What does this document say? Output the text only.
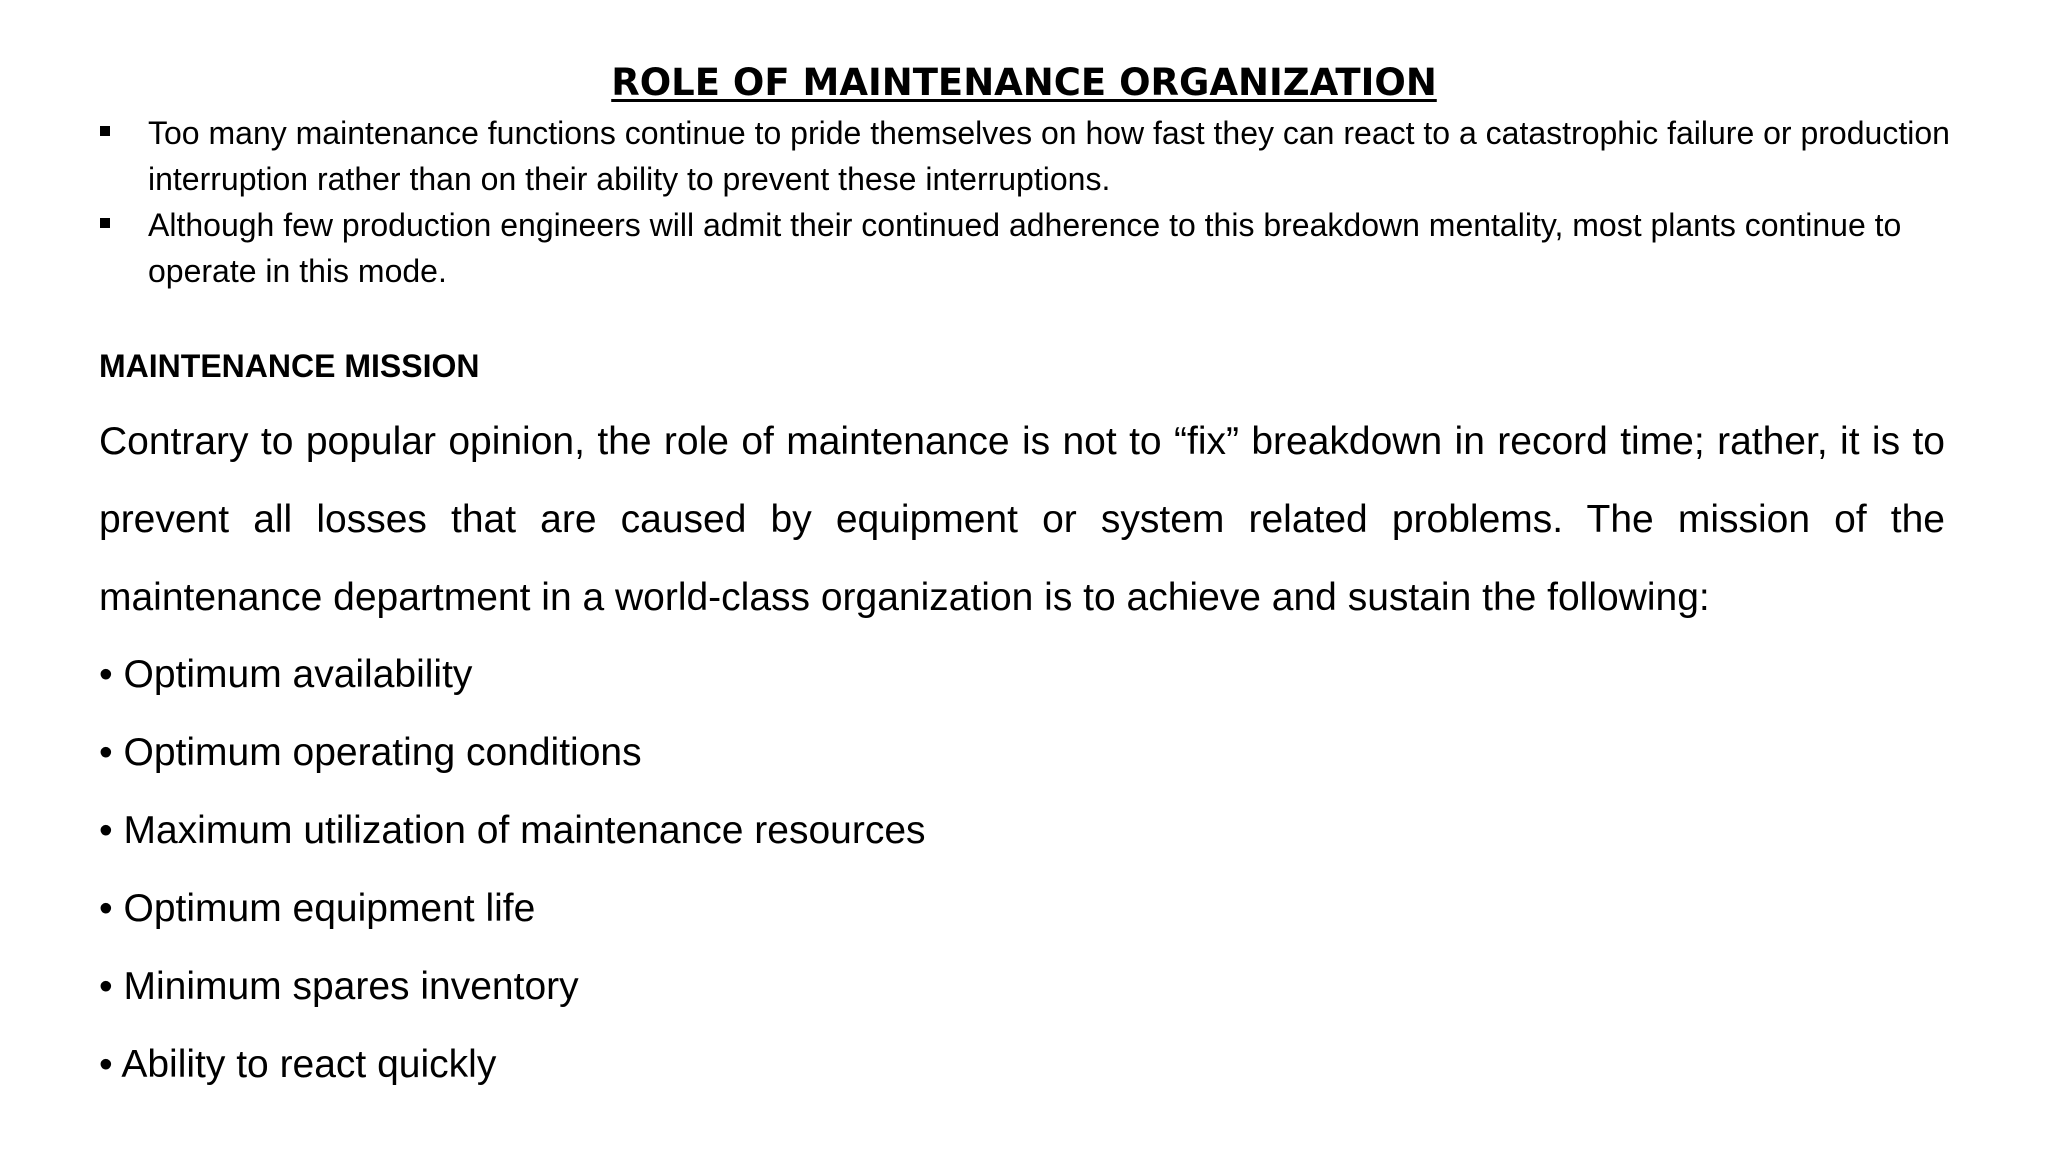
ROLE OF MAINTENANCE ORGANIZATION
Too many maintenance functions continue to pride themselves on how fast they can react to a catastrophic failure or production interruption rather than on their ability to prevent these interruptions.
Although few production engineers will admit their continued adherence to this breakdown mentality, most plants continue to operate in this mode.
MAINTENANCE MISSION

Contrary to popular opinion, the role of maintenance is not to “fix” breakdown in record time; rather, it is to prevent all losses that are caused by equipment or system related problems. The mission of the maintenance department in a world-class organization is to achieve and sustain the following:

• Optimum availability
• Optimum operating conditions
• Maximum utilization of maintenance resources
• Optimum equipment life
• Minimum spares inventory
• Ability to react quickly
